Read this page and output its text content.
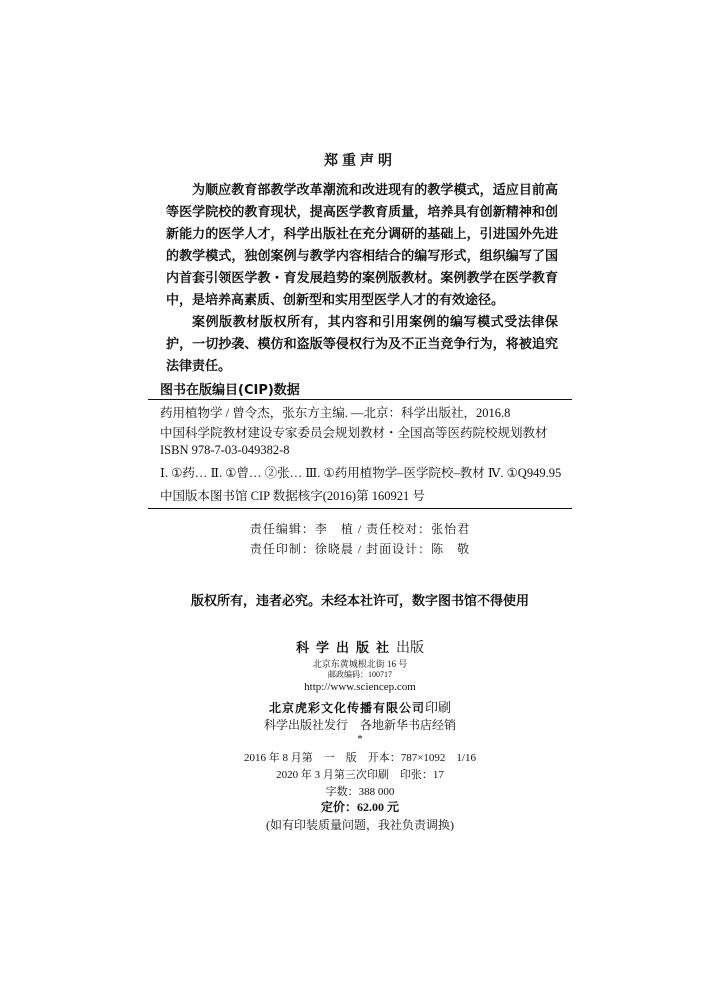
郑重声明

为顺应教育部教学改革潮流和改进现有的教学模式，适应目前高等医学院校的教育现状，提高医学教育质量，培养具有创新精神和创新能力的医学人才，科学出版社在充分调研的基础上，引进国外先进的教学模式，独创案例与教学内容相结合的编写形式，组织编写了国内首套引领医学教・育发展趋势的案例版教材。案例教学在医学教育中，是培养高素质、创新型和实用型医学人才的有效途径。

案例版教材版权所有，其内容和引用案例的编写模式受法律保护，一切抄袭、模仿和盗版等侵权行为及不正当竞争行为，将被追究法律责任。

图书在版编目(CIP)数据
药用植物学 / 曾令杰，张东方主编. —北京：科学出版社，2016.8
中国科学院教材建设专家委员会规划教材・全国高等医药院校规划教材
ISBN 978-7-03-049382-8
Ⅰ. ①药… Ⅱ. ①曾… ②张… Ⅲ. ①药用植物学–医学院校–教材 Ⅳ. ①Q949.95
中国版本图书馆 CIP 数据核字(2016)第 160921 号
责任编辑：李　植 / 责任校对：张怡君
责任印制：徐晓晨 / 封面设计：陈　敬
版权所有，违者必究。未经本社许可，数字图书馆不得使用
科学出版社出版
北京东黄城根北街 16 号
邮政编码：100717
http://www.sciencep.com
北京虎彩文化传播有限公司印刷
科学出版社发行　各地新华书店经销
*
2016 年 8 月第　一　版　开本：787×1092　1/16
2020 年 3 月第三次印刷　印张：17
字数：388 000
定价：62.00 元
(如有印装质量问题，我社负责调换)
